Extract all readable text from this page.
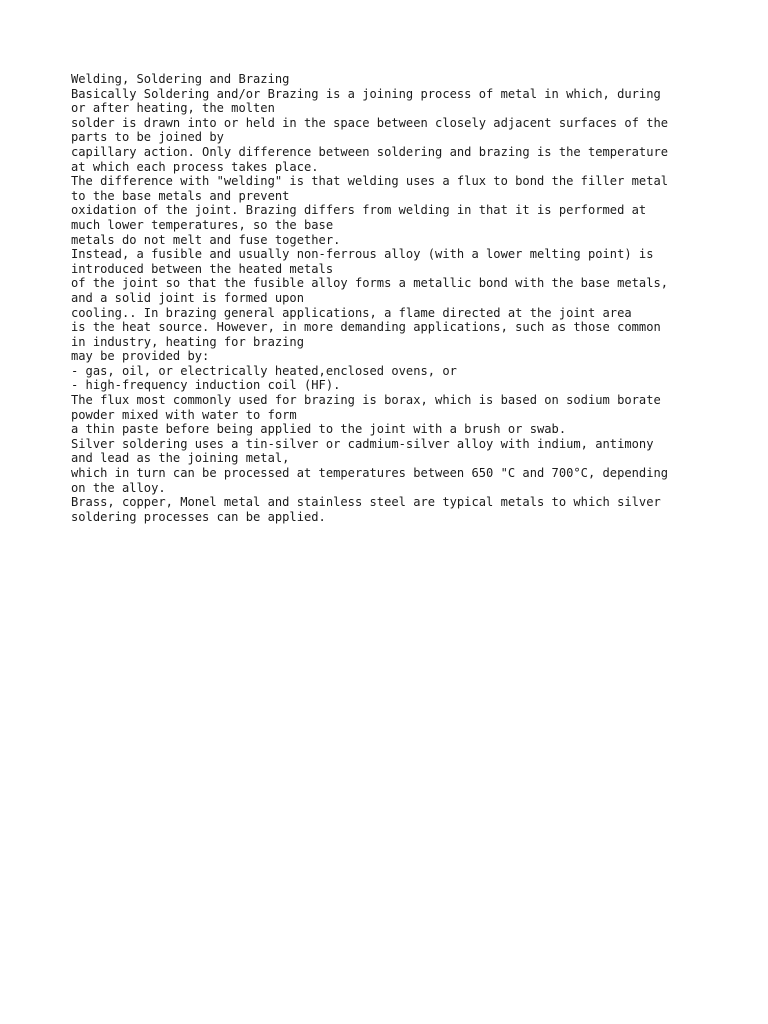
Welding, Soldering and Brazing
Basically Soldering and/or Brazing is a joining process of metal in which, during
or after heating, the molten
solder is drawn into or held in the space between closely adjacent surfaces of the
parts to be joined by
capillary action. Only difference between soldering and brazing is the temperature
at which each process takes place.
The difference with "welding" is that welding uses a flux to bond the filler metal
to the base metals and prevent
oxidation of the joint. Brazing differs from welding in that it is performed at
much lower temperatures, so the base
metals do not melt and fuse together.
Instead, a fusible and usually non-ferrous alloy (with a lower melting point) is
introduced between the heated metals
of the joint so that the fusible alloy forms a metallic bond with the base metals,
and a solid joint is formed upon
cooling.. In brazing general applications, a flame directed at the joint area
is the heat source. However, in more demanding applications, such as those common
in industry, heating for brazing
may be provided by:
- gas, oil, or electrically heated,enclosed ovens, or
- high-frequency induction coil (HF).
The flux most commonly used for brazing is borax, which is based on sodium borate
powder mixed with water to form
a thin paste before being applied to the joint with a brush or swab.
Silver soldering uses a tin-silver or cadmium-silver alloy with indium, antimony
and lead as the joining metal,
which in turn can be processed at temperatures between 650 "C and 700°C, depending
on the alloy.
Brass, copper, Monel metal and stainless steel are typical metals to which silver
soldering processes can be applied.
